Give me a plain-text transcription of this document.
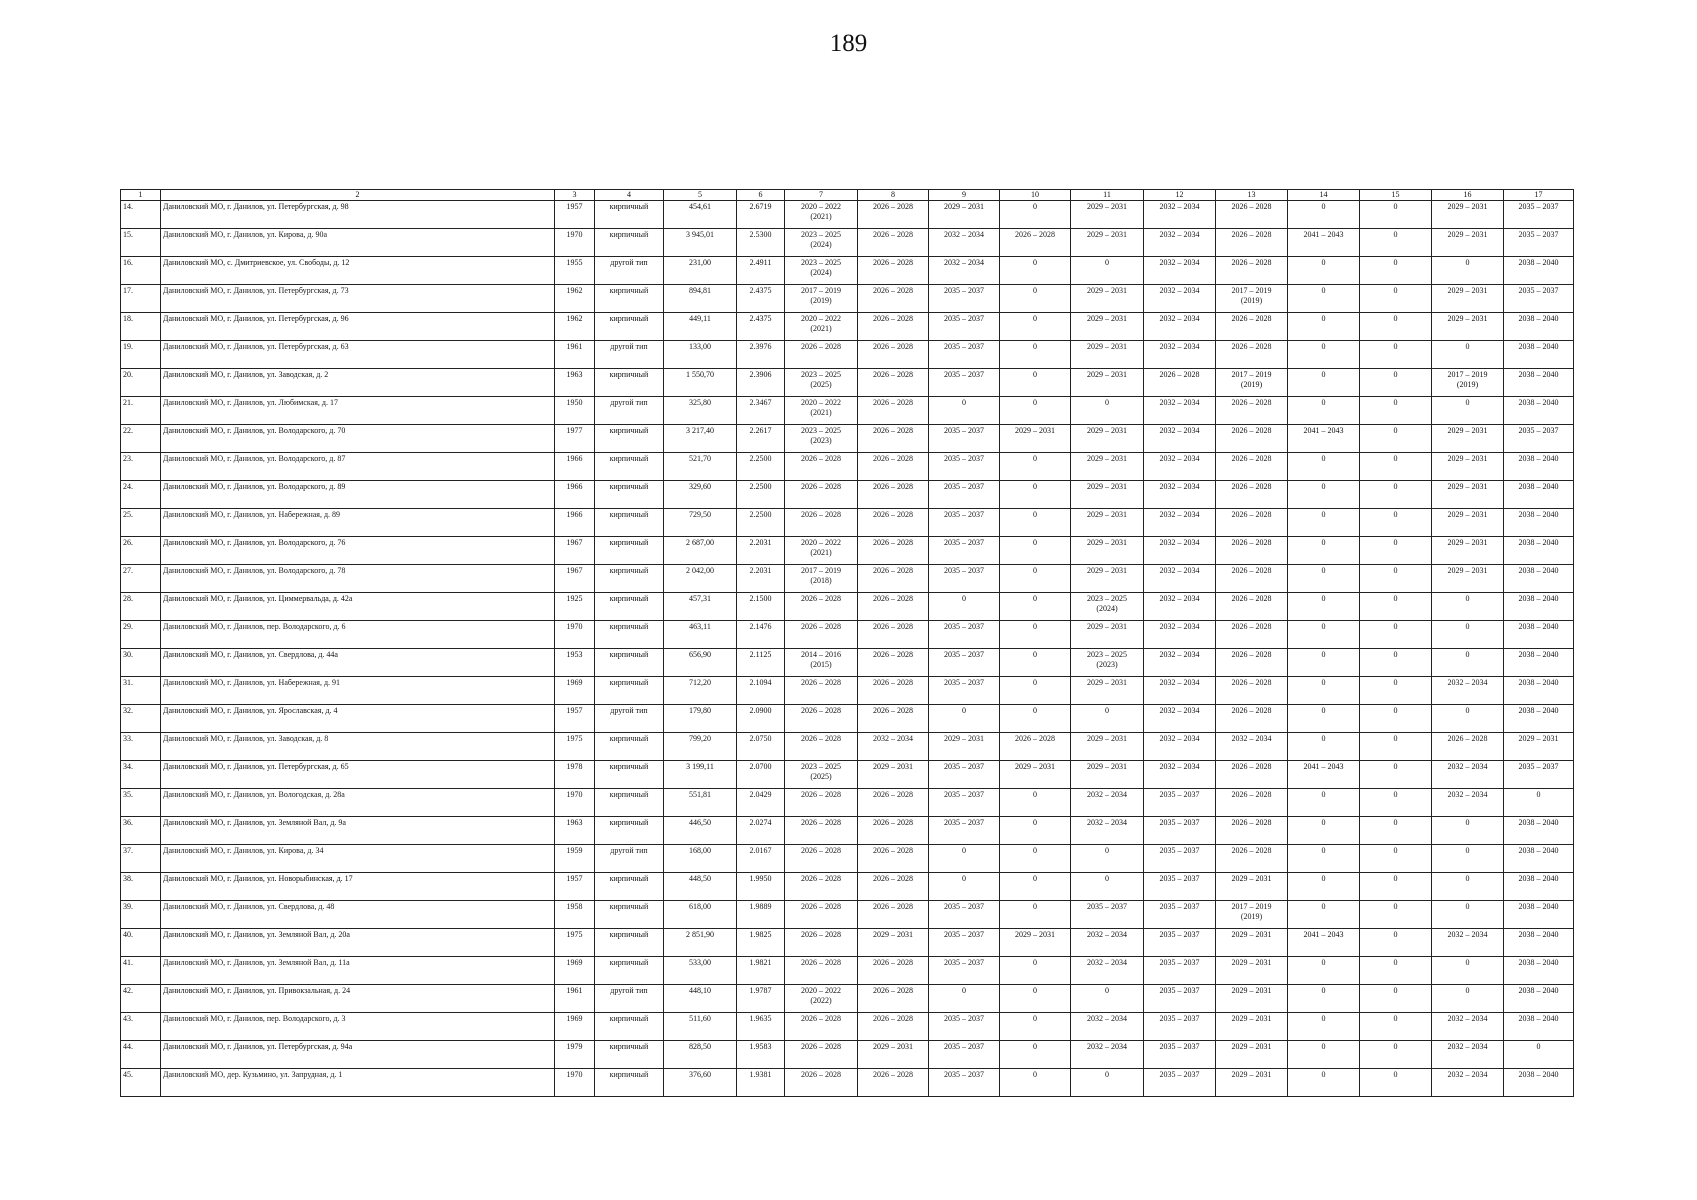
189
1	2	3	4	5	6	7	8	9	10	11	12	13	14	15	16	17

14.	Даниловский МО, г. Данилов, ул. Петербургская, д. 98	1957	кирпичный	454,61	2.6719	2020 – 2022
(2021)	2026 – 2028	2029 – 2031	0	2029 – 2031	2032 – 2034	2026 – 2028	0	0	2029 – 2031	2035 – 2037

15.	Даниловский МО, г. Данилов, ул. Кирова, д. 90а	1970	кирпичный	3 945,01	2.5300	2023 – 2025
(2024)	2026 – 2028	2032 – 2034	2026 – 2028	2029 – 2031	2032 – 2034	2026 – 2028	2041 – 2043	0	2029 – 2031	2035 – 2037

16.	Даниловский МО, с. Дмитриевское, ул. Свободы, д. 12	1955	другой тип	231,00	2.4911	2023 – 2025
(2024)	2026 – 2028	2032 – 2034	0	0	2032 – 2034	2026 – 2028	0	0	0	2038 – 2040

17.	Даниловский МО, г. Данилов, ул. Петербургская, д. 73	1962	кирпичный	894,81	2.4375	2017 – 2019
(2019)	2026 – 2028	2035 – 2037	0	2029 – 2031	2032 – 2034	2017 – 2019
(2019)	0	0	2029 – 2031	2035 – 2037

18.	Даниловский МО, г. Данилов, ул. Петербургская, д. 96	1962	кирпичный	449,11	2.4375	2020 – 2022
(2021)	2026 – 2028	2035 – 2037	0	2029 – 2031	2032 – 2034	2026 – 2028	0	0	2029 – 2031	2038 – 2040

19.	Даниловский МО, г. Данилов, ул. Петербургская, д. 63	1961	другой тип	133,00	2.3976	2026 – 2028	2026 – 2028	2035 – 2037	0	2029 – 2031	2032 – 2034	2026 – 2028	0	0	0	2038 – 2040

20.	Даниловский МО, г. Данилов, ул. Заводская, д. 2	1963	кирпичный	1 550,70	2.3906	2023 – 2025
(2025)	2026 – 2028	2035 – 2037	0	2029 – 2031	2026 – 2028	2017 – 2019
(2019)	0	0	2017 – 2019
(2019)	2038 – 2040

21.	Даниловский МО, г. Данилов, ул. Любимская, д. 17	1950	другой тип	325,80	2.3467	2020 – 2022
(2021)	2026 – 2028	0	0	0	2032 – 2034	2026 – 2028	0	0	0	2038 – 2040

22.	Даниловский МО, г. Данилов, ул. Володарского, д. 70	1977	кирпичный	3 217,40	2.2617	2023 – 2025
(2023)	2026 – 2028	2035 – 2037	2029 – 2031	2029 – 2031	2032 – 2034	2026 – 2028	2041 – 2043	0	2029 – 2031	2035 – 2037

23.	Даниловский МО, г. Данилов, ул. Володарского, д. 87	1966	кирпичный	521,70	2.2500	2026 – 2028	2026 – 2028	2035 – 2037	0	2029 – 2031	2032 – 2034	2026 – 2028	0	0	2029 – 2031	2038 – 2040

24.	Даниловский МО, г. Данилов, ул. Володарского, д. 89	1966	кирпичный	329,60	2.2500	2026 – 2028	2026 – 2028	2035 – 2037	0	2029 – 2031	2032 – 2034	2026 – 2028	0	0	2029 – 2031	2038 – 2040

25.	Даниловский МО, г. Данилов, ул. Набережная, д. 89	1966	кирпичный	729,50	2.2500	2026 – 2028	2026 – 2028	2035 – 2037	0	2029 – 2031	2032 – 2034	2026 – 2028	0	0	2029 – 2031	2038 – 2040

26.	Даниловский МО, г. Данилов, ул. Володарского, д. 76	1967	кирпичный	2 687,00	2.2031	2020 – 2022
(2021)	2026 – 2028	2035 – 2037	0	2029 – 2031	2032 – 2034	2026 – 2028	0	0	2029 – 2031	2038 – 2040

27.	Даниловский МО, г. Данилов, ул. Володарского, д. 78	1967	кирпичный	2 042,00	2.2031	2017 – 2019
(2018)	2026 – 2028	2035 – 2037	0	2029 – 2031	2032 – 2034	2026 – 2028	0	0	2029 – 2031	2038 – 2040

28.	Даниловский МО, г. Данилов, ул. Циммервальда, д. 42а	1925	кирпичный	457,31	2.1500	2026 – 2028	2026 – 2028	0	0	2023 – 2025
(2024)	2032 – 2034	2026 – 2028	0	0	0	2038 – 2040

29.	Даниловский МО, г. Данилов, пер. Володарского, д. 6	1970	кирпичный	463,11	2.1476	2026 – 2028	2026 – 2028	2035 – 2037	0	2029 – 2031	2032 – 2034	2026 – 2028	0	0	0	2038 – 2040

30.	Даниловский МО, г. Данилов, ул. Свердлова, д. 44а	1953	кирпичный	656,90	2.1125	2014 – 2016
(2015)	2026 – 2028	2035 – 2037	0	2023 – 2025
(2023)	2032 – 2034	2026 – 2028	0	0	0	2038 – 2040

31.	Даниловский МО, г. Данилов, ул. Набережная, д. 91	1969	кирпичный	712,20	2.1094	2026 – 2028	2026 – 2028	2035 – 2037	0	2029 – 2031	2032 – 2034	2026 – 2028	0	0	2032 – 2034	2038 – 2040

32.	Даниловский МО, г. Данилов, ул. Ярославская, д. 4	1957	другой тип	179,80	2.0900	2026 – 2028	2026 – 2028	0	0	0	2032 – 2034	2026 – 2028	0	0	0	2038 – 2040

33.	Даниловский МО, г. Данилов, ул. Заводская, д. 8	1975	кирпичный	799,20	2.0750	2026 – 2028	2032 – 2034	2029 – 2031	2026 – 2028	2029 – 2031	2032 – 2034	2032 – 2034	0	0	2026 – 2028	2029 – 2031

34.	Даниловский МО, г. Данилов, ул. Петербургская, д. 65	1978	кирпичный	3 199,11	2.0700	2023 – 2025
(2025)	2029 – 2031	2035 – 2037	2029 – 2031	2029 – 2031	2032 – 2034	2026 – 2028	2041 – 2043	0	2032 – 2034	2035 – 2037

35.	Даниловский МО, г. Данилов, ул. Вологодская, д. 28а	1970	кирпичный	551,81	2.0429	2026 – 2028	2026 – 2028	2035 – 2037	0	2032 – 2034	2035 – 2037	2026 – 2028	0	0	2032 – 2034	0

36.	Даниловский МО, г. Данилов, ул. Земляной Вал, д. 9а	1963	кирпичный	446,50	2.0274	2026 – 2028	2026 – 2028	2035 – 2037	0	2032 – 2034	2035 – 2037	2026 – 2028	0	0	0	2038 – 2040

37.	Даниловский МО, г. Данилов, ул. Кирова, д. 34	1959	другой тип	168,00	2.0167	2026 – 2028	2026 – 2028	0	0	0	2035 – 2037	2026 – 2028	0	0	0	2038 – 2040

38.	Даниловский МО, г. Данилов, ул. Новорыбинская, д. 17	1957	кирпичный	448,50	1.9950	2026 – 2028	2026 – 2028	0	0	0	2035 – 2037	2029 – 2031	0	0	0	2038 – 2040

39.	Даниловский МО, г. Данилов, ул. Свердлова, д. 48	1958	кирпичный	618,00	1.9889	2026 – 2028	2026 – 2028	2035 – 2037	0	2035 – 2037	2035 – 2037	2017 – 2019
(2019)	0	0	0	2038 – 2040

40.	Даниловский МО, г. Данилов, ул. Земляной Вал, д. 20а	1975	кирпичный	2 851,90	1.9825	2026 – 2028	2029 – 2031	2035 – 2037	2029 – 2031	2032 – 2034	2035 – 2037	2029 – 2031	2041 – 2043	0	2032 – 2034	2038 – 2040

41.	Даниловский МО, г. Данилов, ул. Земляной Вал, д. 11а	1969	кирпичный	533,00	1.9821	2026 – 2028	2026 – 2028	2035 – 2037	0	2032 – 2034	2035 – 2037	2029 – 2031	0	0	0	2038 – 2040

42.	Даниловский МО, г. Данилов, ул. Привокзальная, д. 24	1961	другой тип	448,10	1.9787	2020 – 2022
(2022)	2026 – 2028	0	0	0	2035 – 2037	2029 – 2031	0	0	0	2038 – 2040

43.	Даниловский МО, г. Данилов, пер. Володарского, д. 3	1969	кирпичный	511,60	1.9635	2026 – 2028	2026 – 2028	2035 – 2037	0	2032 – 2034	2035 – 2037	2029 – 2031	0	0	2032 – 2034	2038 – 2040

44.	Даниловский МО, г. Данилов, ул. Петербургская, д. 94а	1979	кирпичный	828,50	1.9583	2026 – 2028	2029 – 2031	2035 – 2037	0	2032 – 2034	2035 – 2037	2029 – 2031	0	0	2032 – 2034	0

45.	Даниловский МО, дер. Кузьмино, ул. Запрудная, д. 1	1970	кирпичный	376,60	1.9381	2026 – 2028	2026 – 2028	2035 – 2037	0	0	2035 – 2037	2029 – 2031	0	0	2032 – 2034	2038 – 2040
